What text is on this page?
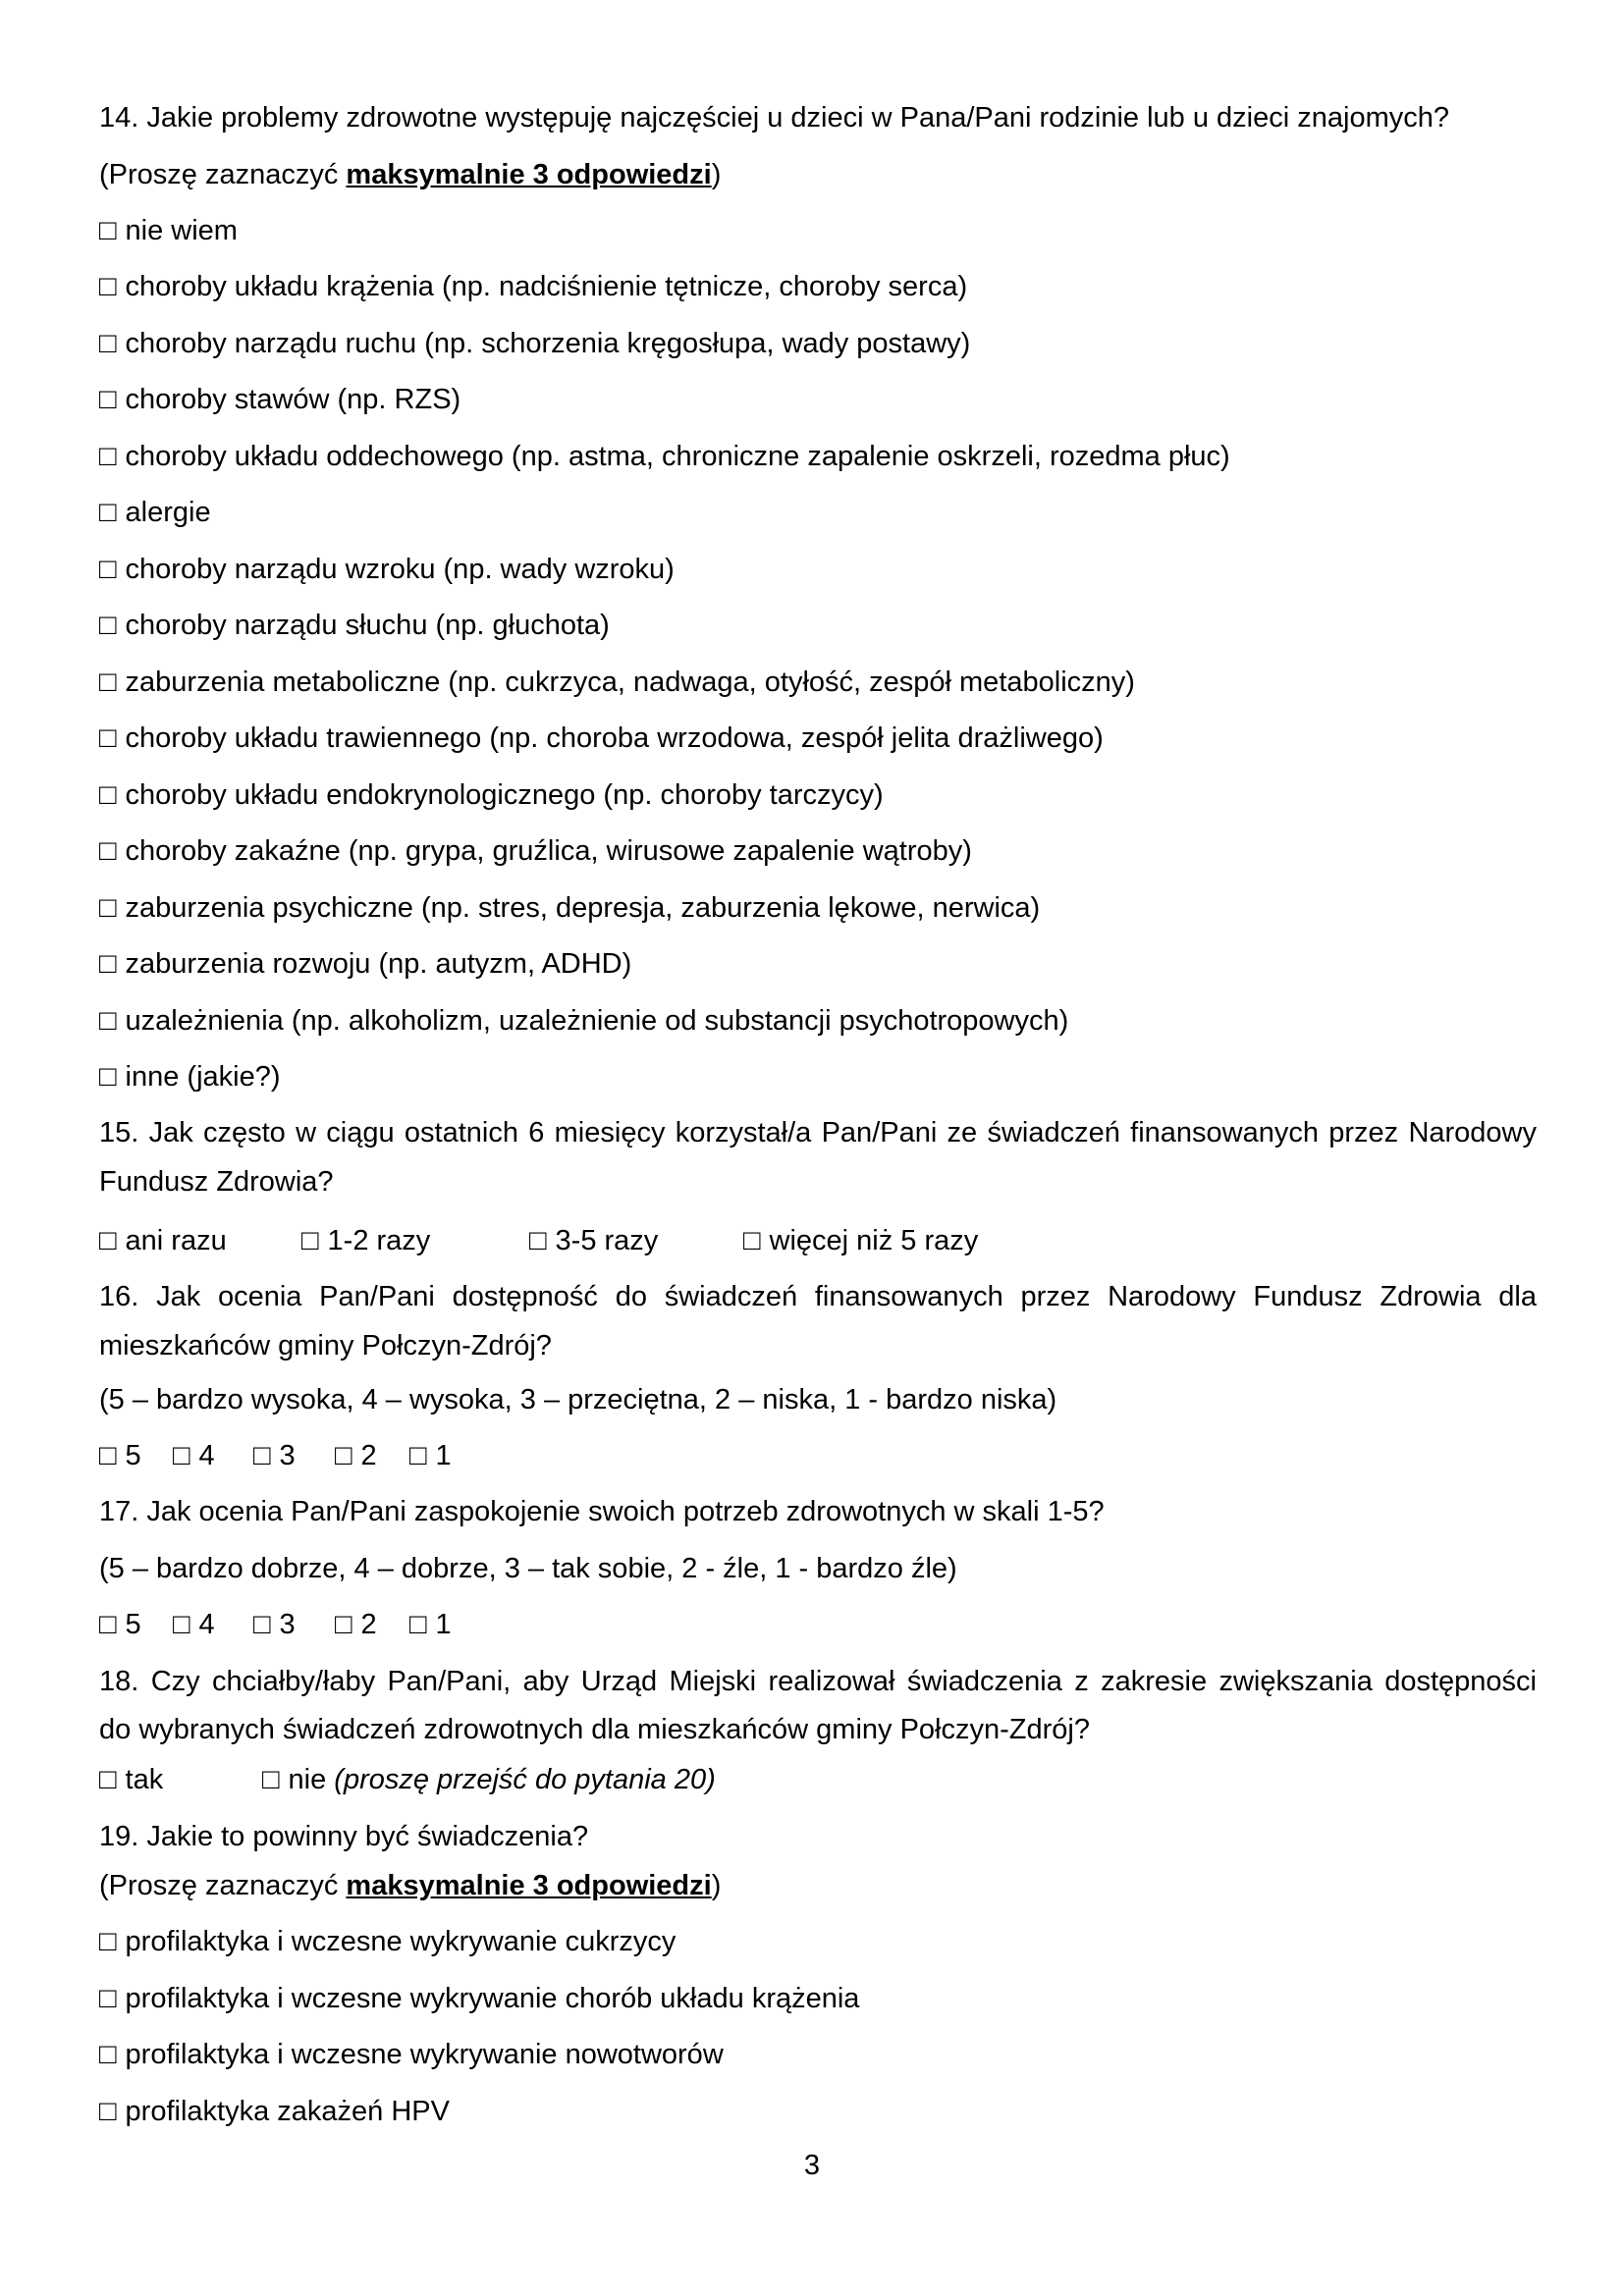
14. Jakie problemy zdrowotne występuję najczęściej u dzieci w Pana/Pani rodzinie lub u dzieci znajomych?
(Proszę zaznaczyć maksymalnie 3 odpowiedzi)
□ nie wiem
□ choroby układu krążenia (np. nadciśnienie tętnicze, choroby serca)
□ choroby narządu ruchu (np. schorzenia kręgosłupa, wady postawy)
□ choroby stawów (np. RZS)
□ choroby układu oddechowego (np. astma, chroniczne zapalenie oskrzeli, rozedma płuc)
□ alergie
□ choroby narządu wzroku (np. wady wzroku)
□ choroby narządu słuchu (np. głuchota)
□ zaburzenia metaboliczne (np. cukrzyca, nadwaga, otyłość, zespół metaboliczny)
□ choroby układu trawiennego (np. choroba wrzodowa, zespół jelita drażliwego)
□ choroby układu endokrynologicznego (np. choroby tarczycy)
□ choroby zakaźne (np. grypa, gruźlica, wirusowe zapalenie wątroby)
□ zaburzenia psychiczne (np. stres, depresja, zaburzenia lękowe, nerwica)
□ zaburzenia rozwoju (np. autyzm, ADHD)
□ uzależnienia (np. alkoholizm, uzależnienie od substancji psychotropowych)
□ inne (jakie?)
15. Jak często w ciągu ostatnich 6 miesięcy korzystał/a Pan/Pani ze świadczeń finansowanych przez Narodowy
Fundusz Zdrowia?
□ ani razu	□ 1-2 razy	□ 3-5 razy	□ więcej niż 5 razy
16. Jak ocenia Pan/Pani dostępność do świadczeń finansowanych przez Narodowy Fundusz Zdrowia dla
mieszkańców gminy Połczyn-Zdrój?
(5 – bardzo wysoka, 4 – wysoka, 3 – przeciętna, 2 – niska, 1 - bardzo niska)
□ 5 □ 4 □ 3 □ 2 □ 1
17. Jak ocenia Pan/Pani zaspokojenie swoich potrzeb zdrowotnych w skali 1-5?
(5 – bardzo dobrze, 4 – dobrze, 3 – tak sobie, 2 - źle, 1 - bardzo źle)
□ 5 □ 4 □ 3 □ 2 □ 1
18. Czy chciałby/łaby Pan/Pani, aby Urząd Miejski realizował świadczenia z zakresie zwiększania dostępności
do wybranych świadczeń zdrowotnych dla mieszkańców gminy Połczyn-Zdrój?
□ tak	□ nie (proszę przejść do pytania 20)
19. Jakie to powinny być świadczenia?
(Proszę zaznaczyć maksymalnie 3 odpowiedzi)
□ profilaktyka i wczesne wykrywanie cukrzycy
□ profilaktyka i wczesne wykrywanie chorób układu krążenia
□ profilaktyka i wczesne wykrywanie nowotworów
□ profilaktyka zakażeń HPV
3
